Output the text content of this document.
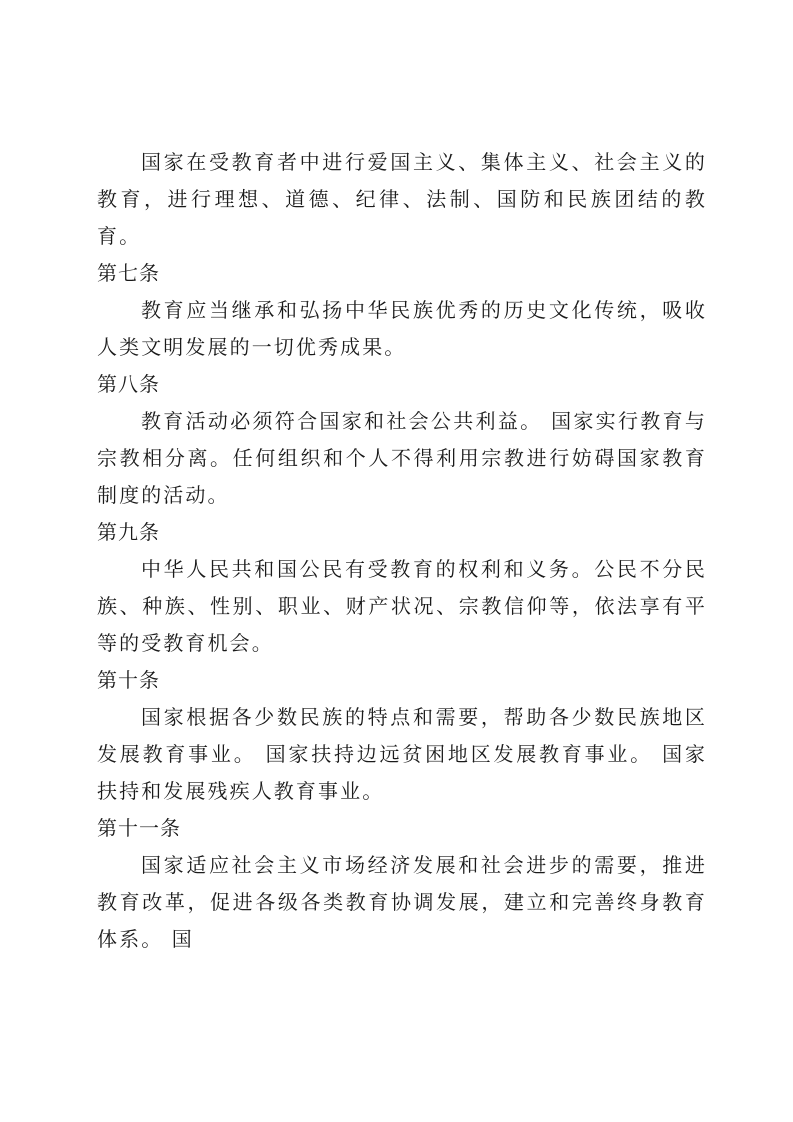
国家在受教育者中进行爱国主义、集体主义、社会主义的教育，进行理想、道德、纪律、法制、国防和民族团结的教育。

第七条

教育应当继承和弘扬中华民族优秀的历史文化传统，吸收人类文明发展的一切优秀成果。

第八条

教育活动必须符合国家和社会公共利益。 国家实行教育与宗教相分离。任何组织和个人不得利用宗教进行妨碍国家教育制度的活动。

第九条

中华人民共和国公民有受教育的权利和义务。公民不分民族、种族、性别、职业、财产状况、宗教信仰等，依法享有平等的受教育机会。

第十条

国家根据各少数民族的特点和需要，帮助各少数民族地区发展教育事业。 国家扶持边远贫困地区发展教育事业。 国家扶持和发展残疾人教育事业。

第十一条

国家适应社会主义市场经济发展和社会进步的需要，推进教育改革，促进各级各类教育协调发展，建立和完善终身教育体系。 国
